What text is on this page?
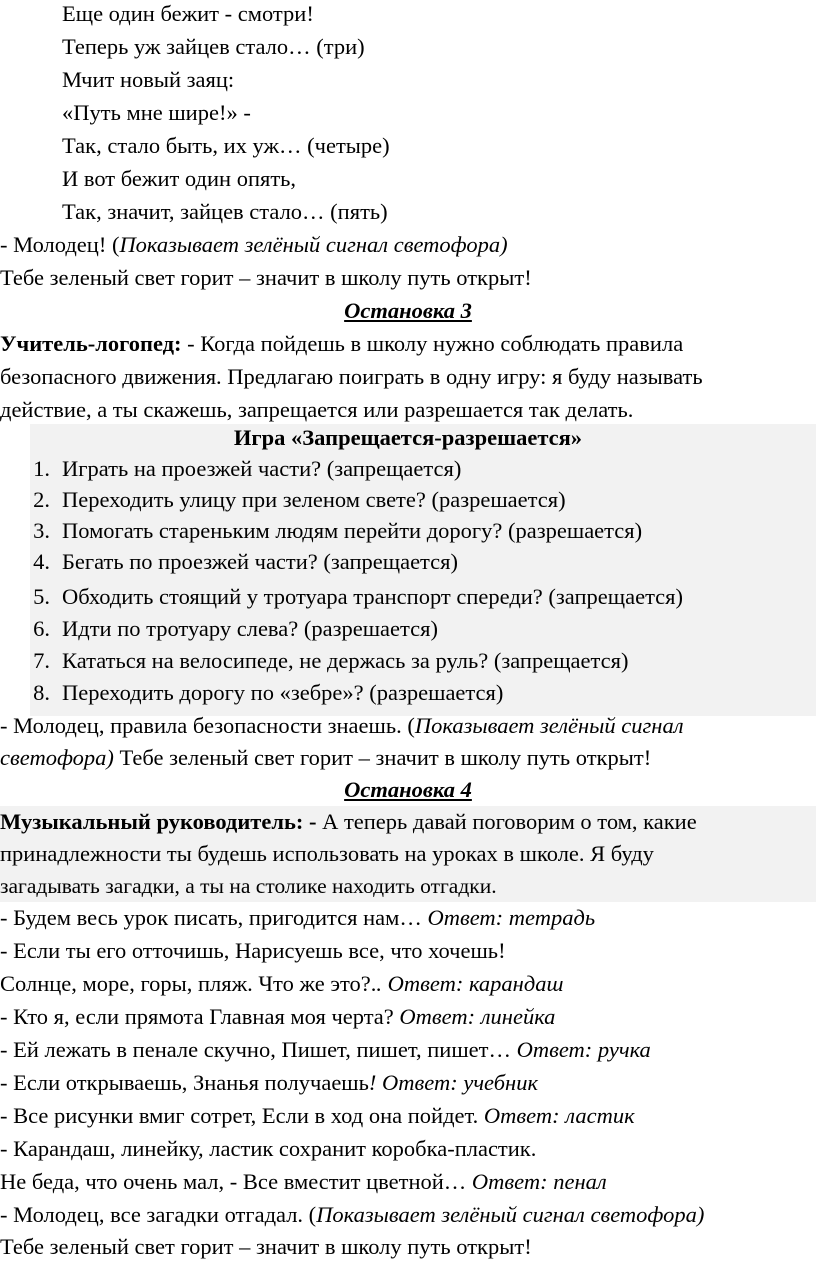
Еще один бежит - смотри!
Теперь уж зайцев стало… (три)
Мчит новый заяц:
«Путь мне шире!» -
Так, стало быть, их уж… (четыре)
И вот бежит один опять,
Так, значит, зайцев стало… (пять)
- Молодец! (Показывает зелёный сигнал светофора)
Тебе зеленый свет горит – значит в школу путь открыт!
Остановка 3
Учитель-логопед: - Когда пойдешь в школу нужно соблюдать правила
безопасного движения. Предлагаю поиграть в одну игру: я буду называть
действие, а ты скажешь, запрещается или разрешается так делать.
Игра «Запрещается-разрешается»
1. Играть на проезжей части? (запрещается)
2. Переходить улицу при зеленом свете? (разрешается)
3. Помогать стареньким людям перейти дорогу? (разрешается)
4. Бегать по проезжей части? (запрещается)
5. Обходить стоящий у тротуара транспорт спереди? (запрещается)
6. Идти по тротуару слева? (разрешается)
7. Кататься на велосипеде, не держась за руль? (запрещается)
8. Переходить дорогу по «зебре»? (разрешается)
- Молодец, правила безопасности знаешь. (Показывает зелёный сигнал
светофора) Тебе зеленый свет горит – значит в школу путь открыт!
Остановка 4
Музыкальный руководитель: - А теперь давай поговорим о том, какие
принадлежности ты будешь использовать на уроках в школе. Я буду
загадывать загадки, а ты на столике находить отгадки.
- Будем весь урок писать, пригодится нам… Ответ: тетрадь
- Если ты его отточишь, Нарисуешь все, что хочешь!
Солнце, море, горы, пляж. Что же это?.. Ответ: карандаш
- Кто я, если прямота Главная моя черта? Ответ: линейка
- Ей лежать в пенале скучно, Пишет, пишет, пишет… Ответ: ручка
- Если открываешь, Знанья получаешь! Ответ: учебник
- Все рисунки вмиг сотрет, Если в ход она пойдет. Ответ: ластик
- Карандаш, линейку, ластик сохранит коробка-пластик.
Не беда, что очень мал, - Все вместит цветной… Ответ: пенал
- Молодец, все загадки отгадал. (Показывает зелёный сигнал светофора)
Тебе зеленый свет горит – значит в школу путь открыт!
